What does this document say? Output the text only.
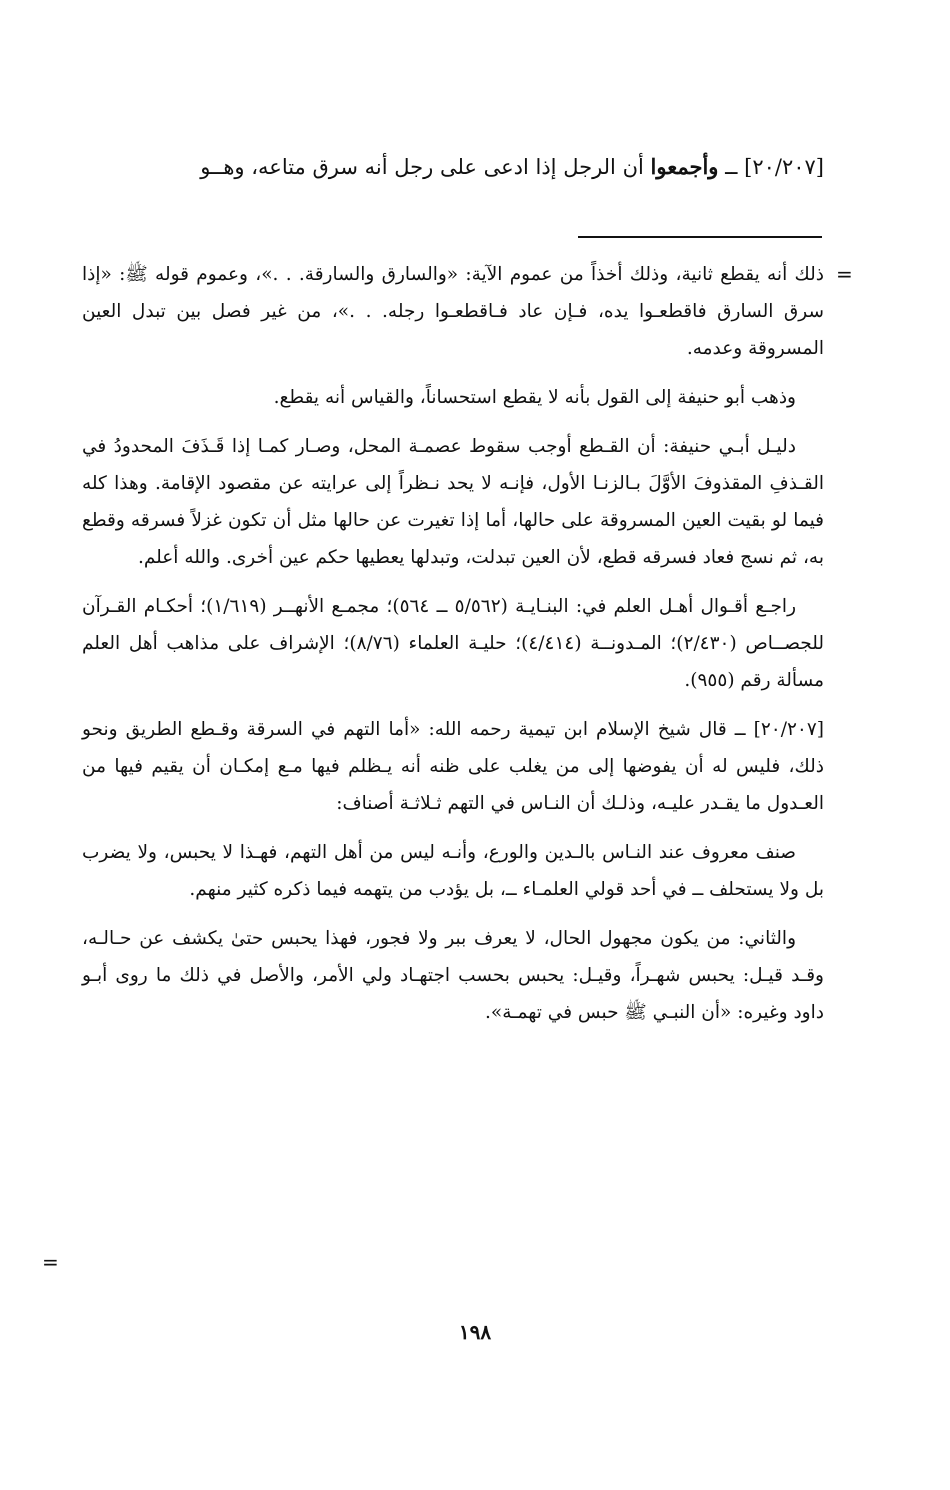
[٢٠/٢٠٧] ــ وأجمعوا أن الرجل إذا ادعى على رجل أنه سرق متاعه، وهــو
=

ذلك أنه يقطع ثانية، وذلك أخذاً من عموم الآية: «والسارق والسارقة. . .»، وعموم قوله ﷺ: «إذا سرق السارق فاقطعـوا يده، فـإن عاد فـاقطعـوا رجله. . .»، من غير فصل بين تبدل العين المسروقة وعدمه.

وذهب أبو حنيفة إلى القول بأنه لا يقطع استحساناً، والقياس أنه يقطع.

دليـل أبـي حنيفة: أن القـطع أوجب سقوط عصمـة المحل، وصـار كمـا إذا قَـذَفَ المحدودُ في القـذفِ المقذوفَ الأوَّلَ بـالزنـا الأول، فإنـه لا يحد نـظراً إلى عرايته عن مقصود الإقامة. وهذا كله فيما لو بقيت العين المسروقة على حالها، أما إذا تغيرت عن حالها مثل أن تكون غزلاً فسرقه وقطع به، ثم نسج فعاد فسرقه قطع، لأن العين تبدلت، وتبدلها يعطيها حكم عين أخرى. والله أعلم.

راجـع أقـوال أهـل العلم في: البنـايـة (٥/٥٦٢ ــ ٥٦٤)؛ مجمـع الأنهــر (١/٦١٩)؛ أحكـام القـرآن للجصــاص (٢/٤٣٠)؛ المـدونــة (٤/٤١٤)؛ حليـة العلماء (٨/٧٦)؛ الإشراف على مذاهب أهل العلم مسألة رقم (٩٥٥).

[٢٠/٢٠٧] ــ قال شيخ الإسلام ابن تيمية رحمه الله: «أما التهم في السرقة وقـطع الطريق ونحو ذلك، فليس له أن يفوضها إلى من يغلب على ظنه أنه يـظلم فيها مـع إمكـان أن يقيم فيها من العـدول ما يقـدر عليـه، وذلـك أن النـاس في التهم ثـلاثـة أصناف:

صنف معروف عند النـاس بالـدين والورع، وأنـه ليس من أهل التهم، فهـذا لا يحبس، ولا يضرب بل ولا يستحلف ــ في أحد قولي العلمـاء ــ، بل يؤدب من يتهمه فيما ذكره كثير منهم.

والثاني: من يكون مجهول الحال، لا يعرف ببر ولا فجور، فهذا يحبس حتىٰ يكشف عن حـالـه، وقـد قيـل: يحبس شهـراً، وقيـل: يحبس بحسب اجتهـاد ولي الأمر، والأصل في ذلك ما روى أبـو داود وغيره: «أن النبـي ﷺ حبس في تهمـة».

=
١٩٨
